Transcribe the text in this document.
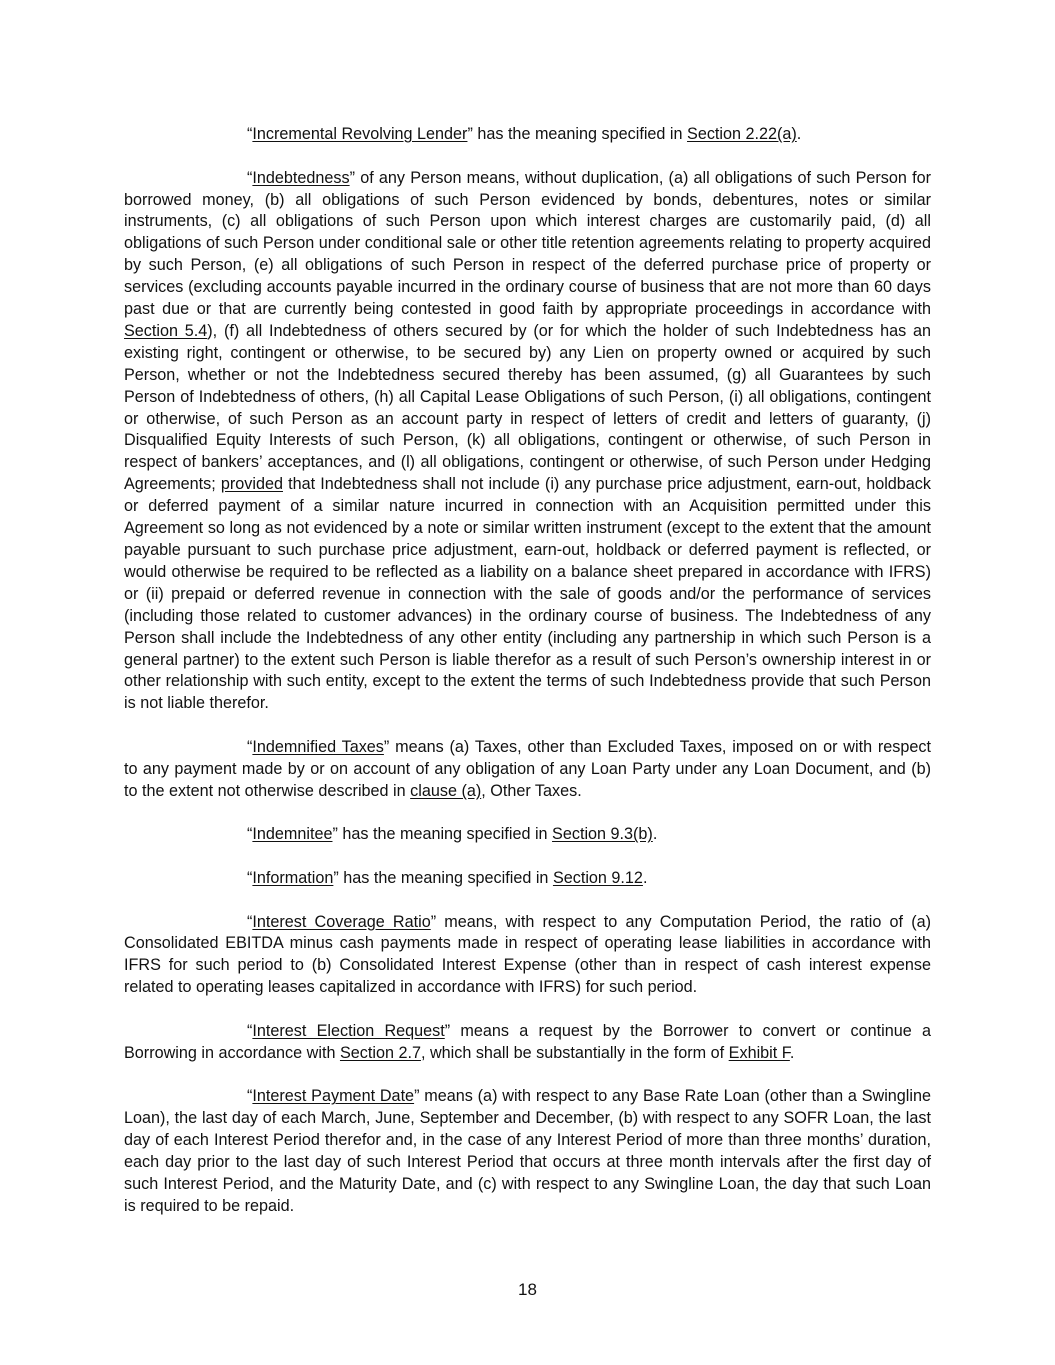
“Incremental Revolving Lender” has the meaning specified in Section 2.22(a).

“Indebtedness” of any Person means, without duplication, (a) all obligations of such Person for borrowed money, (b) all obligations of such Person evidenced by bonds, debentures, notes or similar instruments, (c) all obligations of such Person upon which interest charges are customarily paid, (d) all obligations of such Person under conditional sale or other title retention agreements relating to property acquired by such Person, (e) all obligations of such Person in respect of the deferred purchase price of property or services (excluding accounts payable incurred in the ordinary course of business that are not more than 60 days past due or that are currently being contested in good faith by appropriate proceedings in accordance with Section 5.4), (f) all Indebtedness of others secured by (or for which the holder of such Indebtedness has an existing right, contingent or otherwise, to be secured by) any Lien on property owned or acquired by such Person, whether or not the Indebtedness secured thereby has been assumed, (g) all Guarantees by such Person of Indebtedness of others, (h) all Capital Lease Obligations of such Person, (i) all obligations, contingent or otherwise, of such Person as an account party in respect of letters of credit and letters of guaranty, (j) Disqualified Equity Interests of such Person, (k) all obligations, contingent or otherwise, of such Person in respect of bankers’ acceptances, and (l) all obligations, contingent or otherwise, of such Person under Hedging Agreements; provided that Indebtedness shall not include (i) any purchase price adjustment, earn-out, holdback or deferred payment of a similar nature incurred in connection with an Acquisition permitted under this Agreement so long as not evidenced by a note or similar written instrument (except to the extent that the amount payable pursuant to such purchase price adjustment, earn-out, holdback or deferred payment is reflected, or would otherwise be required to be reflected as a liability on a balance sheet prepared in accordance with IFRS) or (ii) prepaid or deferred revenue in connection with the sale of goods and/or the performance of services (including those related to customer advances) in the ordinary course of business. The Indebtedness of any Person shall include the Indebtedness of any other entity (including any partnership in which such Person is a general partner) to the extent such Person is liable therefor as a result of such Person’s ownership interest in or other relationship with such entity, except to the extent the terms of such Indebtedness provide that such Person is not liable therefor.

“Indemnified Taxes” means (a) Taxes, other than Excluded Taxes, imposed on or with respect to any payment made by or on account of any obligation of any Loan Party under any Loan Document, and (b) to the extent not otherwise described in clause (a), Other Taxes.

“Indemnitee” has the meaning specified in Section 9.3(b).

“Information” has the meaning specified in Section 9.12.

“Interest Coverage Ratio” means, with respect to any Computation Period, the ratio of (a) Consolidated EBITDA minus cash payments made in respect of operating lease liabilities in accordance with IFRS for such period to (b) Consolidated Interest Expense (other than in respect of cash interest expense related to operating leases capitalized in accordance with IFRS) for such period.

“Interest Election Request” means a request by the Borrower to convert or continue a Borrowing in accordance with Section 2.7, which shall be substantially in the form of Exhibit F.

“Interest Payment Date” means (a) with respect to any Base Rate Loan (other than a Swingline Loan), the last day of each March, June, September and December, (b) with respect to any SOFR Loan, the last day of each Interest Period therefor and, in the case of any Interest Period of more than three months’ duration, each day prior to the last day of such Interest Period that occurs at three month intervals after the first day of such Interest Period, and the Maturity Date, and (c) with respect to any Swingline Loan, the day that such Loan is required to be repaid.

18
